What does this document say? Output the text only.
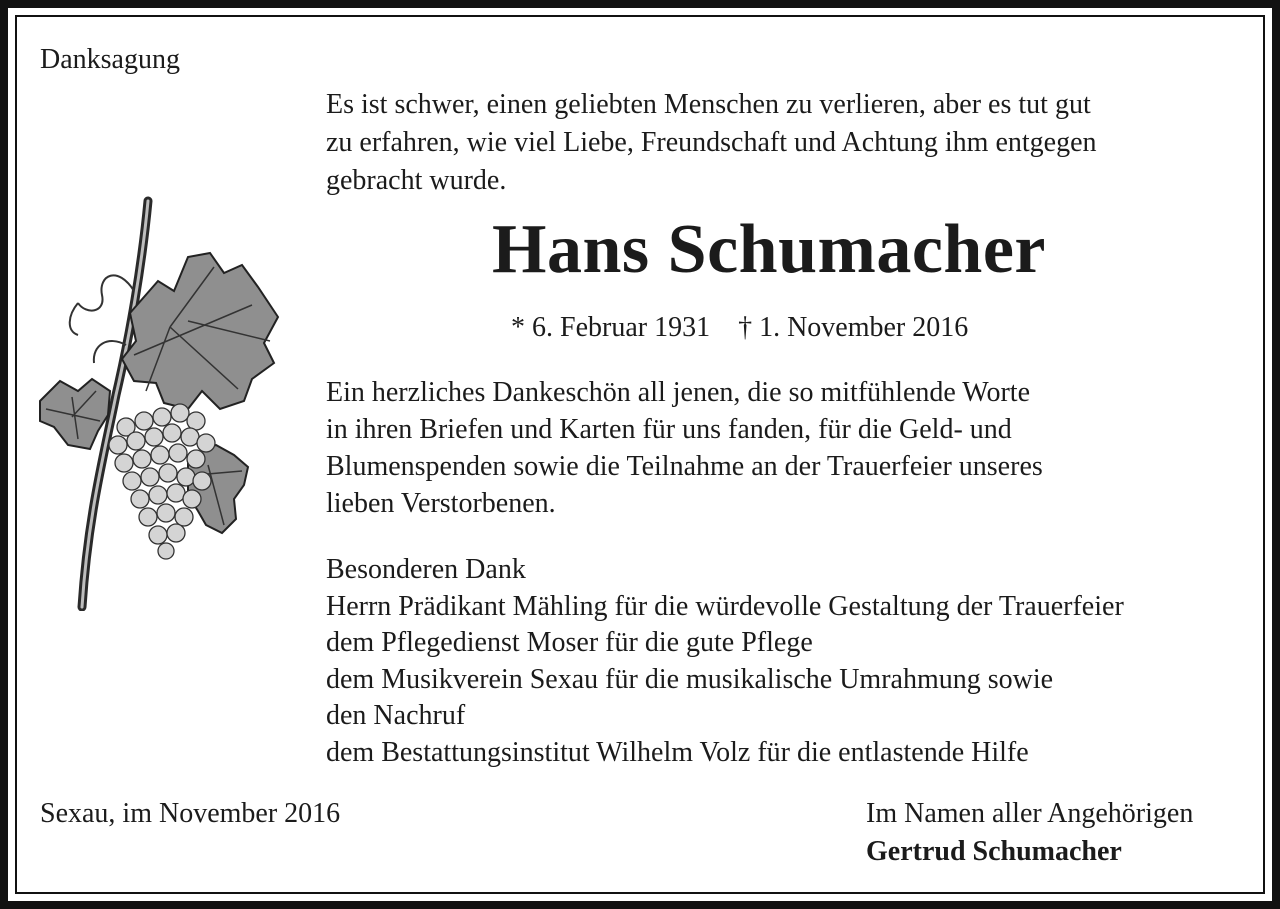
Danksagung
Es ist schwer, einen geliebten Menschen zu verlieren, aber es tut gut
zu erfahren, wie viel Liebe, Freundschaft und Achtung ihm entgegen
gebracht wurde.
Hans Schumacher
* 6. Februar 1931 † 1. November 2016
Ein herzliches Dankeschön all jenen, die so mitfühlende Worte
in ihren Briefen und Karten für uns fanden, für die Geld- und
Blumenspenden sowie die Teilnahme an der Trauerfeier unseres
lieben Verstorbenen.
Besonderen Dank
Herrn Prädikant Mähling für die würdevolle Gestaltung der Trauerfeier
dem Pflegedienst Moser für die gute Pflege
dem Musikverein Sexau für die musikalische Umrahmung sowie
den Nachruf
dem Bestattungsinstitut Wilhelm Volz für die entlastende Hilfe
Sexau, im November 2016	Im Namen aller Angehörigen
Gertrud Schumacher
